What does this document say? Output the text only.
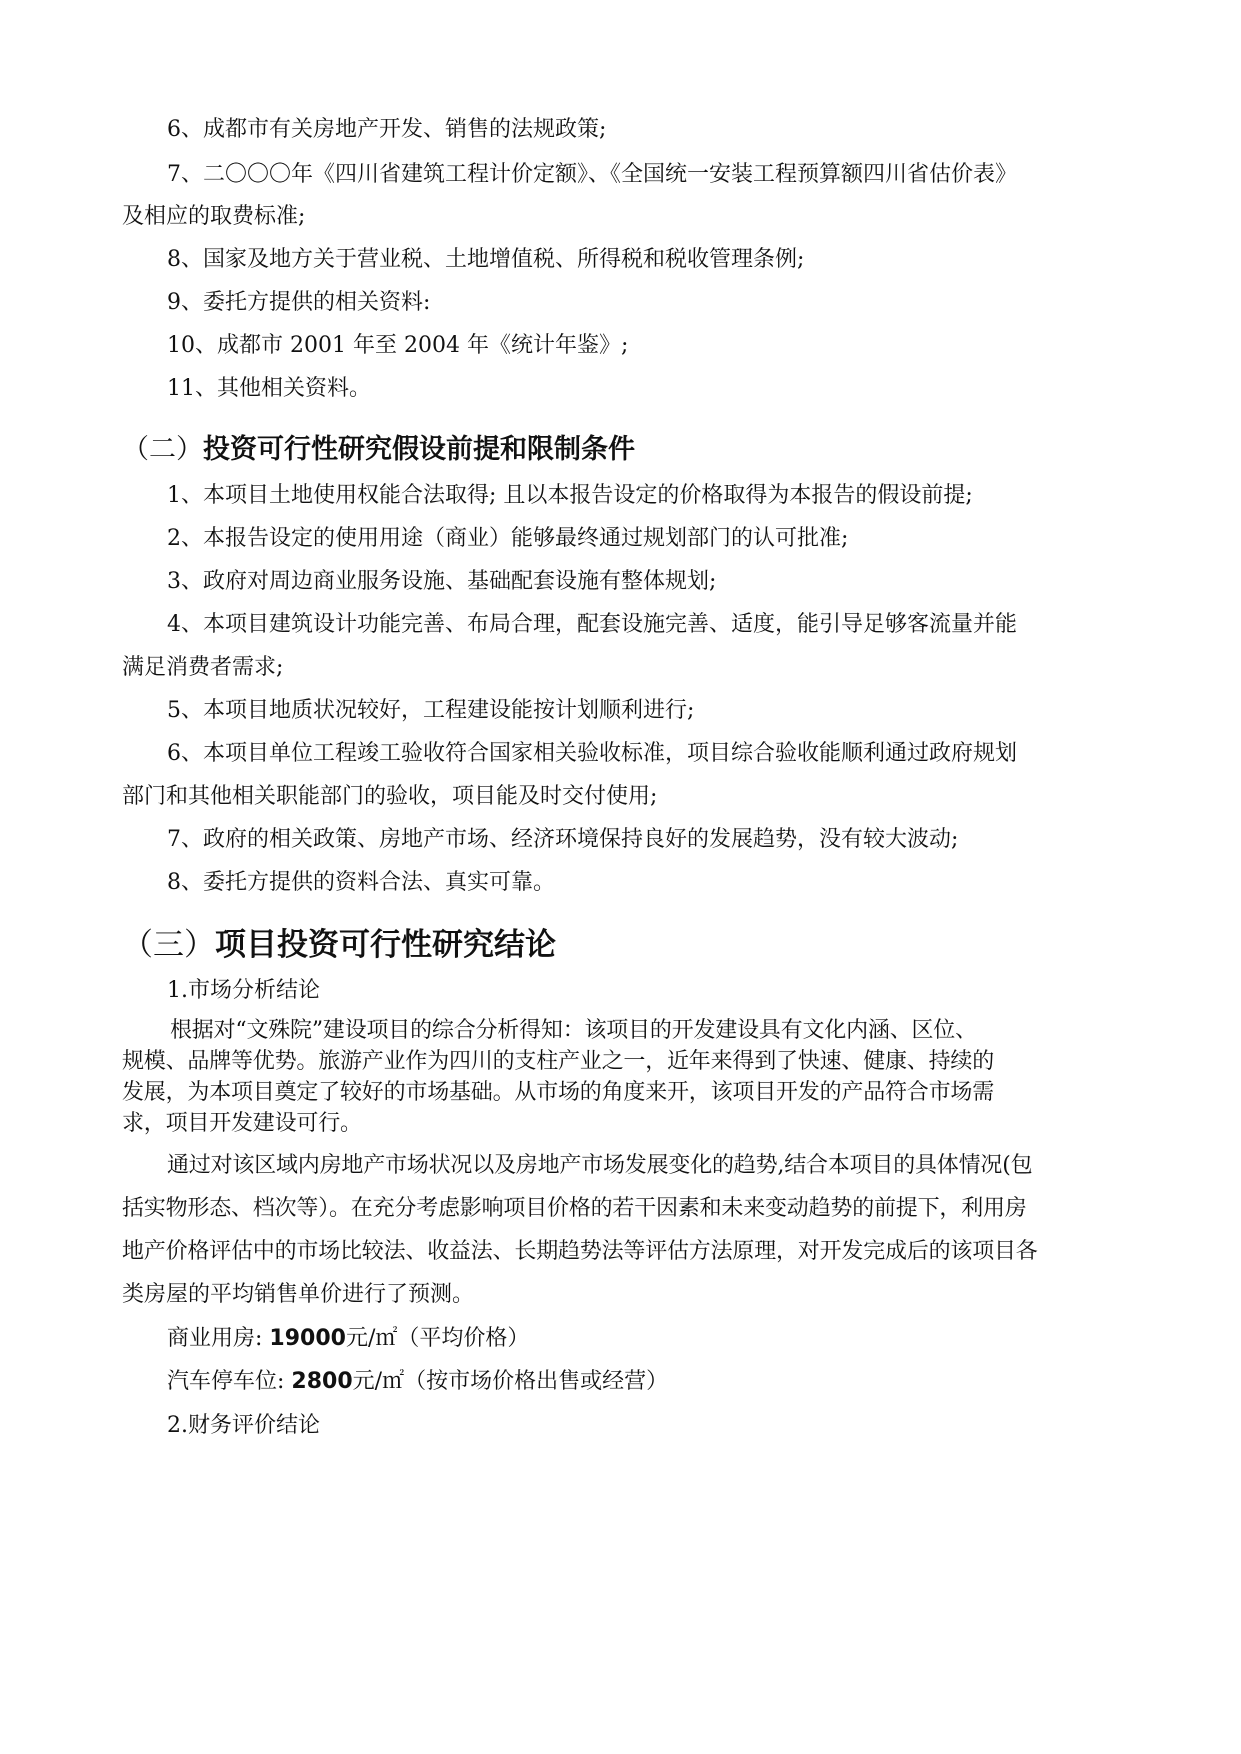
6、成都市有关房地产开发、销售的法规政策;
7、二〇〇〇年《四川省建筑工程计价定额》、《全国统一安装工程预算额四川省估价表》
及相应的取费标准;
8、国家及地方关于营业税、土地增值税、所得税和税收管理条例;
9、委托方提供的相关资料:
10、成都市 2001 年至 2004 年《统计年鉴》;
11、其他相关资料。
（二）投资可行性研究假设前提和限制条件
1、本项目土地使用权能合法取得; 且以本报告设定的价格取得为本报告的假设前提;
2、本报告设定的使用用途（商业）能够最终通过规划部门的认可批准;
3、政府对周边商业服务设施、基础配套设施有整体规划;
4、本项目建筑设计功能完善、布局合理，配套设施完善、适度，能引导足够客流量并能
满足消费者需求;
5、本项目地质状况较好，工程建设能按计划顺利进行;
6、本项目单位工程竣工验收符合国家相关验收标准，项目综合验收能顺利通过政府规划
部门和其他相关职能部门的验收，项目能及时交付使用;
7、政府的相关政策、房地产市场、经济环境保持良好的发展趋势，没有较大波动;
8、委托方提供的资料合法、真实可靠。
（三）项目投资可行性研究结论
1.市场分析结论
根据对“文殊院”建设项目的综合分析得知：该项目的开发建设具有文化内涵、区位、
规模、品牌等优势。旅游产业作为四川的支柱产业之一，近年来得到了快速、健康、持续的
发展，为本项目奠定了较好的市场基础。从市场的角度来开，该项目开发的产品符合市场需
求，项目开发建设可行。
通过对该区域内房地产市场状况以及房地产市场发展变化的趋势,结合本项目的具体情况(包
括实物形态、档次等）。在充分考虑影响项目价格的若干因素和未来变动趋势的前提下，利用房
地产价格评估中的市场比较法、收益法、长期趋势法等评估方法原理，对开发完成后的该项目各
类房屋的平均销售单价进行了预测。
商业用房: 19000元/㎡（平均价格）
汽车停车位: 2800元/㎡（按市场价格出售或经营）
2.财务评价结论
